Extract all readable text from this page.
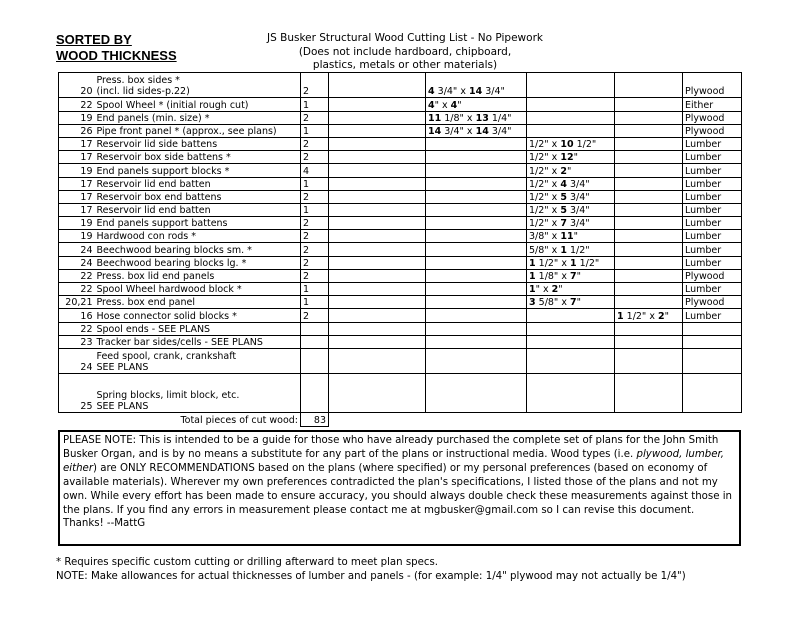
SORTED BY
WOOD THICKNESS
JS Busker Structural Wood Cutting List - No Pipework
(Does not include hardboard, chipboard,
plastics, metals or other materials)
20	Press. box sides *
(incl. lid sides-p.22)	2		4 3/4" x 14 3/4"			Plywood
22	Spool Wheel * (initial rough cut)	1		4" x 4"			Either
19	End panels (min. size) *	2		11 1/8" x 13 1/4"			Plywood
26	Pipe front panel * (approx., see plans)	1		14 3/4" x 14 3/4"			Plywood
17	Reservoir lid side battens	2			1/2" x 10 1/2"		Lumber
17	Reservoir box side battens *	2			1/2" x 12"		Lumber
19	End panels support blocks *	4			1/2" x 2"		Lumber
17	Reservoir lid end batten	1			1/2" x 4 3/4"		Lumber
17	Reservoir box end battens	2			1/2" x 5 3/4"		Lumber
17	Reservoir lid end batten	1			1/2" x 5 3/4"		Lumber
19	End panels support battens	2			1/2" x 7 3/4"		Lumber
19	Hardwood con rods *	2			3/8" x 11"		Lumber
24	Beechwood bearing blocks sm. *	2			5/8" x 1 1/2"		Lumber
24	Beechwood bearing blocks lg. *	2			1 1/2" x 1 1/2"		Lumber
22	Press. box lid end panels	2			1 1/8" x 7"		Plywood
22	Spool Wheel hardwood block *	1			1" x 2"		Lumber
20,21	Press. box end panel	1			3 5/8" x 7"		Plywood
16	Hose connector solid blocks *	2				1 1/2" x 2"	Lumber
22	Spool ends - SEE PLANS						

23	Tracker bar sides/cells - SEE PLANS						

24	Feed spool, crank, crankshaft
SEE PLANS						

25	Spring blocks, limit block, etc.
SEE PLANS						

	Total pieces of cut wood:	83					
PLEASE NOTE: This is intended to be a guide for those who have already purchased the complete set of plans for the John Smith Busker Organ, and is by no means a substitute for any part of the plans or instructional media. Wood types (i.e. plywood, lumber, either) are ONLY RECOMMENDATIONS based on the plans (where specified) or my personal preferences (based on economy of available materials). Wherever my own preferences contradicted the plan's specifications, I listed those of the plans and not my own. While every effort has been made to ensure accuracy, you should always double check these measurements against those in the plans. If you find any errors in measurement please contact me at mgbusker@gmail.com so I can revise this document. Thanks! --MattG
* Requires specific custom cutting or drilling afterward to meet plan specs.
NOTE: Make allowances for actual thicknesses of lumber and panels - (for example: 1/4" plywood may not actually be 1/4")
